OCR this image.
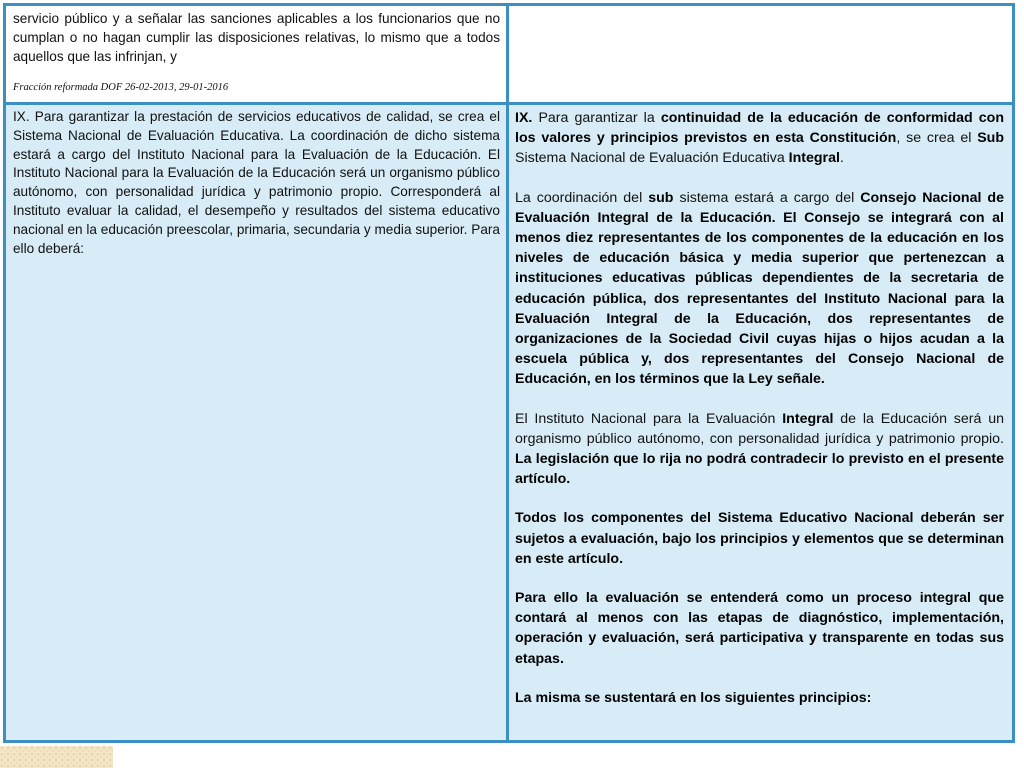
servicio público y a señalar las sanciones aplicables a los funcionarios que no cumplan o no hagan cumplir las disposiciones relativas, lo mismo que a todos aquellos que las infrinjan, y
Fracción reformada DOF 26-02-2013, 29-01-2016
IX. Para garantizar la prestación de servicios educativos de calidad, se crea el Sistema Nacional de Evaluación Educativa. La coordinación de dicho sistema estará a cargo del Instituto Nacional para la Evaluación de la Educación. El Instituto Nacional para la Evaluación de la Educación será un organismo público autónomo, con personalidad jurídica y patrimonio propio. Corresponderá al Instituto evaluar la calidad, el desempeño y resultados del sistema educativo nacional en la educación preescolar, primaria, secundaria y media superior. Para ello deberá:

IX. Para garantizar la continuidad de la educación de conformidad con los valores y principios previstos en esta Constitución, se crea el Sub Sistema Nacional de Evaluación Educativa Integral.

La coordinación del sub sistema estará a cargo del Consejo Nacional de Evaluación Integral de la Educación. El Consejo se integrará con al menos diez representantes de los componentes de la educación en los niveles de educación básica y media superior que pertenezcan a instituciones educativas públicas dependientes de la secretaria de educación pública, dos representantes del Instituto Nacional para la Evaluación Integral de la Educación, dos representantes de organizaciones de la Sociedad Civil cuyas hijas o hijos acudan a la escuela pública y, dos representantes del Consejo Nacional de Educación, en los términos que la Ley señale.

El Instituto Nacional para la Evaluación Integral de la Educación será un organismo público autónomo, con personalidad jurídica y patrimonio propio. La legislación que lo rija no podrá contradecir lo previsto en el presente artículo.

Todos los componentes del Sistema Educativo Nacional deberán ser sujetos a evaluación, bajo los principios y elementos que se determinan en este artículo.

Para ello la evaluación se entenderá como un proceso integral que contará al menos con las etapas de diagnóstico, implementación, operación y evaluación, será participativa y transparente en todas sus etapas.

La misma se sustentará en los siguientes principios:
